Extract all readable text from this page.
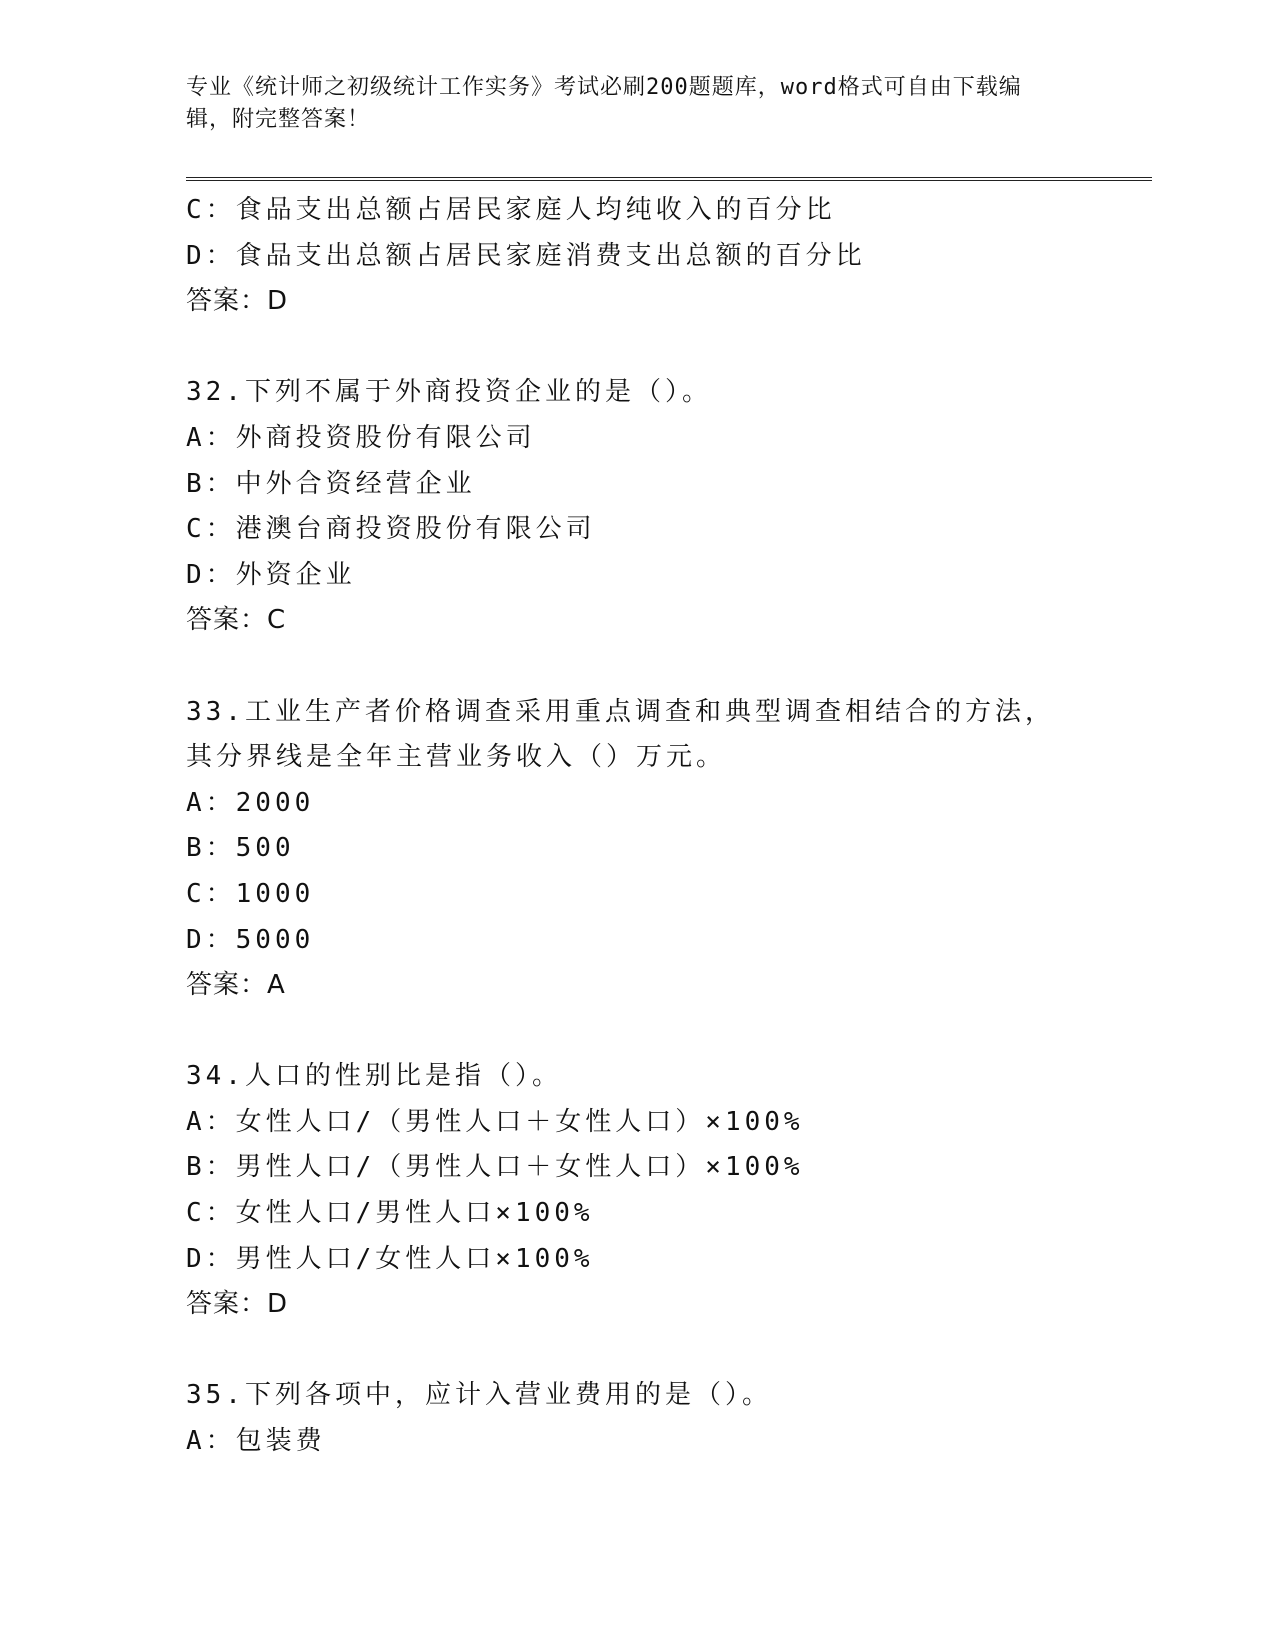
专业《统计师之初级统计工作实务》考试必刷200题题库，word格式可自由下载编辑，附完整答案！
C：食品支出总额占居民家庭人均纯收入的百分比
D：食品支出总额占居民家庭消费支出总额的百分比
答案：D
32.下列不属于外商投资企业的是（）。
A：外商投资股份有限公司
B：中外合资经营企业
C：港澳台商投资股份有限公司
D：外资企业
答案：C
33.工业生产者价格调查采用重点调查和典型调查相结合的方法，其分界线是全年主营业务收入（）万元。
A：2000
B：500
C：1000
D：5000
答案：A
34.人口的性别比是指（）。
A：女性人口/（男性人口＋女性人口）×100%
B：男性人口/（男性人口＋女性人口）×100%
C：女性人口/男性人口×100%
D：男性人口/女性人口×100%
答案：D
35.下列各项中，应计入营业费用的是（）。
A：包装费
